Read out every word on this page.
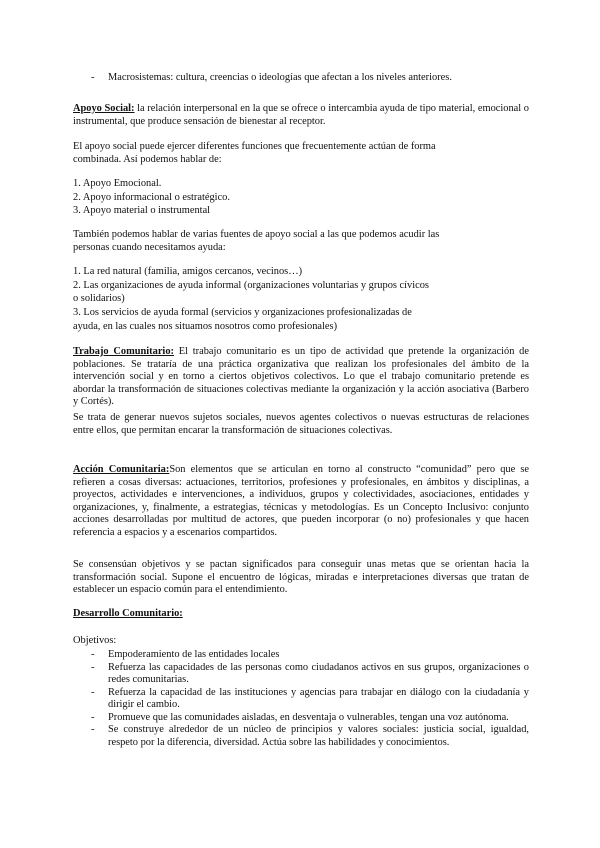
- Macrosistemas: cultura, creencias o ideologías que afectan a los niveles anteriores.
Apoyo Social: la relación interpersonal en la que se ofrece o intercambia ayuda de tipo material, emocional o instrumental, que produce sensación de bienestar al receptor.
El apoyo social puede ejercer diferentes funciones que frecuentemente actúan de forma
combinada. Así podemos hablar de:
1. Apoyo Emocional.
2. Apoyo informacional o estratégico.
3. Apoyo material o instrumental
También podemos hablar de varias fuentes de apoyo social a las que podemos acudir las
personas cuando necesitamos ayuda:
1. La red natural (familia, amigos cercanos, vecinos…)
2. Las organizaciones de ayuda informal (organizaciones voluntarias y grupos cívicos
o solidarios)
3. Los servicios de ayuda formal (servicios y organizaciones profesionalizadas de
ayuda, en las cuales nos situamos nosotros como profesionales)
Trabajo Comunitario: El trabajo comunitario es un tipo de actividad que pretende la organización de poblaciones. Se trataría de una práctica organizativa que realizan los profesionales del ámbito de la intervención social y en torno a ciertos objetivos colectivos. Lo que el trabajo comunitario pretende es abordar la transformación de situaciones colectivas mediante la organización y la acción asociativa (Barbero y Cortés).
Se trata de generar nuevos sujetos sociales, nuevos agentes colectivos o nuevas estructuras de relaciones entre ellos, que permitan encarar la transformación de situaciones colectivas.
Acción Comunitaria:Son elementos que se articulan en torno al constructo “comunidad” pero que se refieren a cosas diversas: actuaciones, territorios, profesiones y profesionales, en ámbitos y disciplinas, a proyectos, actividades e intervenciones, a individuos, grupos y colectividades, asociaciones, entidades y organizaciones, y, finalmente, a estrategias, técnicas y metodologías. Es un Concepto Inclusivo: conjunto acciones desarrolladas por multitud de actores, que pueden incorporar (o no) profesionales y que hacen referencia a espacios y a escenarios compartidos.
Se consensúan objetivos y se pactan significados para conseguir unas metas que se orientan hacia la transformación social. Supone el encuentro de lógicas, miradas e interpretaciones diversas que tratan de establecer un espacio común para el entendimiento.
Desarrollo Comunitario:
Objetivos:
- Empoderamiento de las entidades locales
- Refuerza las capacidades de las personas como ciudadanos activos en sus grupos, organizaciones o redes comunitarias.
- Refuerza la capacidad de las instituciones y agencias para trabajar en diálogo con la ciudadanía y dirigir el cambio.
- Promueve que las comunidades aisladas, en desventaja o vulnerables, tengan una voz autónoma.
- Se construye alrededor de un núcleo de principios y valores sociales: justicia social, igualdad, respeto por la diferencia, diversidad. Actúa sobre las habilidades y conocimientos.
